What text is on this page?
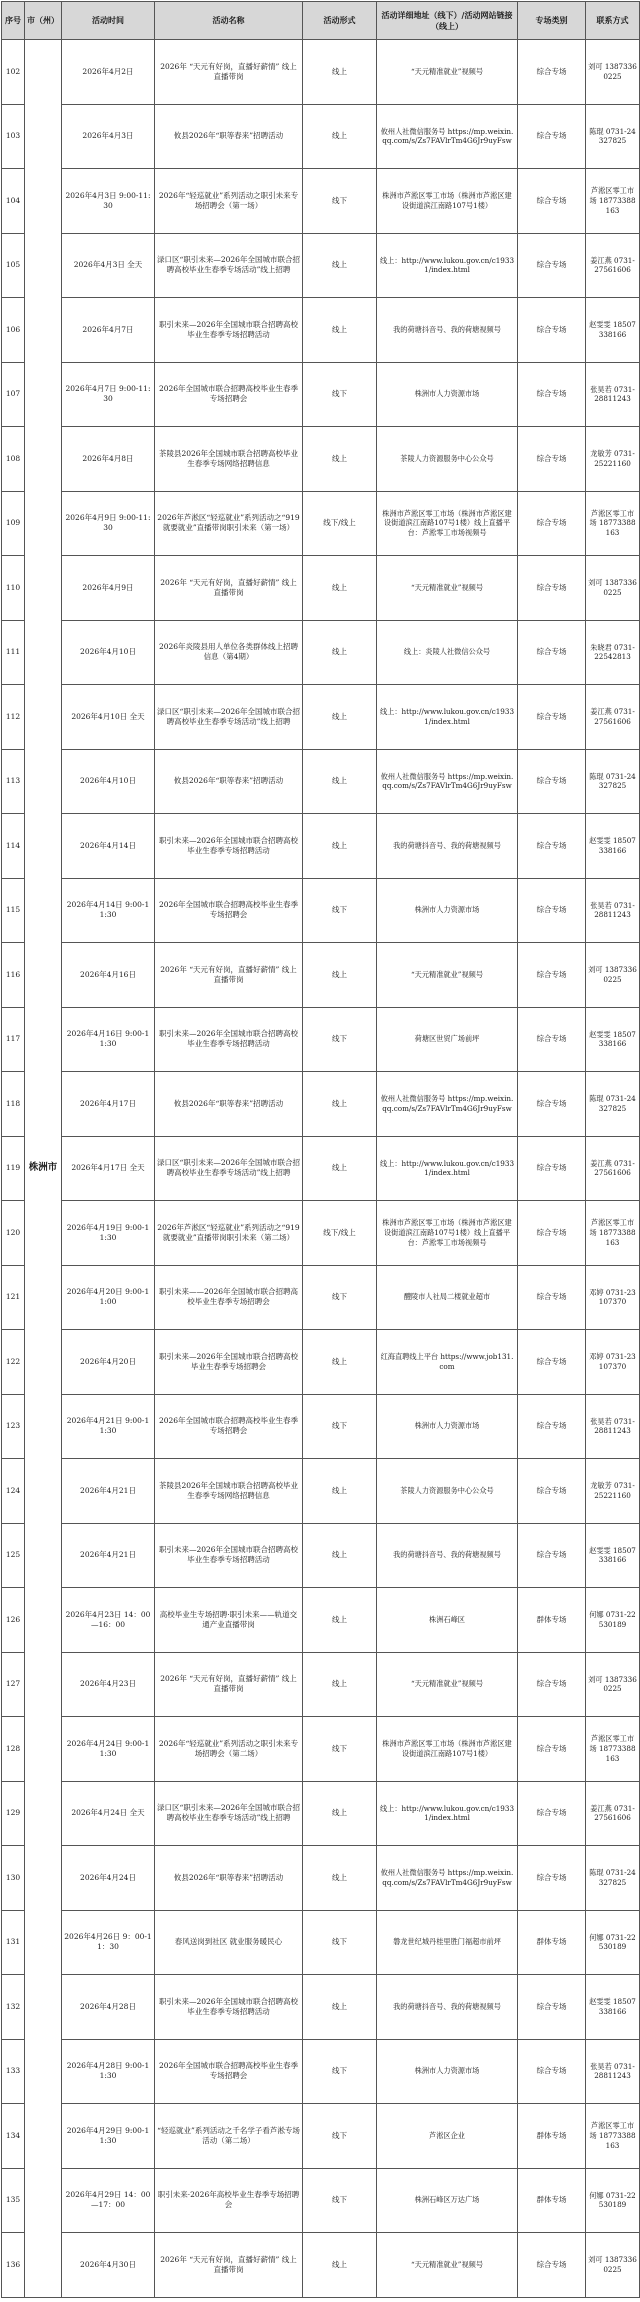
序号	市（州）	活动时间	活动名称	活动形式	活动详细地址（线下）/活动网站链接（线上）	专场类别	联系方式
102	株洲市	2026年4月2日	2026年 “天元有好岗，直播好薪情” 线上直播带岗	线上	“天元精准就业”视频号	综合专场	刘可 13873360225
103		2026年4月3日	攸县2026年“职等春来”招聘活动	线上	攸州人社微信服务号 https://mp.weixin.qq.com/s/Zs7FAVlrTm4G6Jr9uyFsw	综合专场	陈琨 0731-24327825
104		2026年4月3日 9:00-11:30	2026年“轻巡就业”系列活动之职引未来专场招聘会（第一场）	线下	株洲市芦淞区零工市场（株洲市芦淞区建设街道滨江南路107号1楼）	综合专场	芦淞区零工市场 18773388163
105		2026年4月3日 全天	渌口区“职引未来—2026年全国城市联合招聘高校毕业生春季专场活动”线上招聘	线上	线上：http://www.lukou.gov.cn/c19331/index.html	综合专场	姜江燕 0731-27561606
106		2026年4月7日	职引未来—2026年全国城市联合招聘高校毕业生春季专场招聘活动	线上	我的荷塘抖音号、我的荷塘视频号	综合专场	赵雯雯 18507338166
107		2026年4月7日 9:00-11:30	2026年全国城市联合招聘高校毕业生春季专场招聘会	线下	株洲市人力资源市场	综合专场	张昊若 0731-28811243
108		2026年4月8日	茶陵县2026年全国城市联合招聘高校毕业生春季专场网络招聘信息	线上	茶陵人力资源服务中心公众号	综合专场	龙敏芳 0731-25221160
109		2026年4月9日 9:00-11:30	2026年芦淞区“轻巡就业”系列活动之“919就要就业”直播带岗职引未来（第一场）	线下/线上	株洲市芦淞区零工市场（株洲市芦淞区建设街道滨江南路107号1楼）线上直播平台：芦淞零工市场视频号	综合专场	芦淞区零工市场 18773388163
110		2026年4月9日	2026年 “天元有好岗，直播好薪情” 线上直播带岗	线上	“天元精准就业”视频号	综合专场	刘可 13873360225
111		2026年4月10日	2026年炎陵县用人单位各类群体线上招聘信息（第4期）	线上	线上：炎陵人社微信公众号	综合专场	朱晓君 0731-22542813
112		2026年4月10日 全天	渌口区“职引未来—2026年全国城市联合招聘高校毕业生春季专场活动”线上招聘	线上	线上：http://www.lukou.gov.cn/c19331/index.html	综合专场	姜江燕 0731-27561606
113		2026年4月10日	攸县2026年“职等春来”招聘活动	线上	攸州人社微信服务号 https://mp.weixin.qq.com/s/Zs7FAVlrTm4G6Jr9uyFsw	综合专场	陈琨 0731-24327825
114		2026年4月14日	职引未来—2026年全国城市联合招聘高校毕业生春季专场招聘活动	线上	我的荷塘抖音号、我的荷塘视频号	综合专场	赵雯雯 18507338166
115		2026年4月14日 9:00-11:30	2026年全国城市联合招聘高校毕业生春季专场招聘会	线下	株洲市人力资源市场	综合专场	张昊若 0731-28811243
116		2026年4月16日	2026年 “天元有好岗，直播好薪情” 线上直播带岗	线上	“天元精准就业”视频号	综合专场	刘可 13873360225
117		2026年4月16日 9:00-11:30	职引未来—2026年全国城市联合招聘高校毕业生春季专场招聘活动	线下	荷塘区世贸广场前坪	综合专场	赵雯雯 18507338166
118		2026年4月17日	攸县2026年“职等春来”招聘活动	线上	攸州人社微信服务号 https://mp.weixin.qq.com/s/Zs7FAVlrTm4G6Jr9uyFsw	综合专场	陈琨 0731-24327825
119		2026年4月17日 全天	渌口区“职引未来—2026年全国城市联合招聘高校毕业生春季专场活动”线上招聘	线上	线上：http://www.lukou.gov.cn/c19331/index.html	综合专场	姜江燕 0731-27561606
120		2026年4月19日 9:00-11:30	2026年芦淞区“轻巡就业”系列活动之“919就要就业”直播带岗职引未来（第二场）	线下/线上	株洲市芦淞区零工市场（株洲市芦淞区建设街道滨江南路107号1楼）线上直播平台：芦淞零工市场视频号	综合专场	芦淞区零工市场 18773388163
121		2026年4月20日 9:00-11:00	职引未来——2026年全国城市联合招聘高校毕业生春季专场招聘会	线下	醴陵市人社局二楼就业超市	综合专场	邓婷 0731-23107370
122		2026年4月20日	职引未来—2026年全国城市联合招聘高校毕业生春季专场招聘会	线上	红海直聘线上平台 https://www.job131.com	综合专场	邓婷 0731-23107370
123		2026年4月21日 9:00-11:30	2026年全国城市联合招聘高校毕业生春季专场招聘会	线下	株洲市人力资源市场	综合专场	张昊若 0731-28811243
124		2026年4月21日	茶陵县2026年全国城市联合招聘高校毕业生春季专场网络招聘信息	线上	茶陵人力资源服务中心公众号	综合专场	龙敏芳 0731-25221160
125		2026年4月21日	职引未来—2026年全国城市联合招聘高校毕业生春季专场招聘活动	线上	我的荷塘抖音号、我的荷塘视频号	综合专场	赵雯雯 18507338166
126		2026年4月23日 14：00—16：00	高校毕业生专场招聘·职引未来——轨道交通产业直播带岗	线上	株洲石峰区	群体专场	何娜 0731-22530189
127		2026年4月23日	2026年 “天元有好岗，直播好薪情” 线上直播带岗	线上	“天元精准就业”视频号	综合专场	刘可 13873360225
128		2026年4月24日 9:00-11:30	2026年“轻巡就业”系列活动之职引未来专场招聘会（第二场）	线下	株洲市芦淞区零工市场（株洲市芦淞区建设街道滨江南路107号1楼）	综合专场	芦淞区零工市场 18773388163
129		2026年4月24日 全天	渌口区“职引未来—2026年全国城市联合招聘高校毕业生春季专场活动”线上招聘	线上	线上：http://www.lukou.gov.cn/c19331/index.html	综合专场	姜江燕 0731-27561606
130		2026年4月24日	攸县2026年“职等春来”招聘活动	线上	攸州人社微信服务号 https://mp.weixin.qq.com/s/Zs7FAVlrTm4G6Jr9uyFsw	综合专场	陈琨 0731-24327825
131		2026年4月26日 9：00-11：30	春风送岗到社区 就业服务暖民心	线下	磐龙世纪城丹桂里胜门福超市前坪	群体专场	何娜 0731-22530189
132		2026年4月28日	职引未来—2026年全国城市联合招聘高校毕业生春季专场招聘活动	线上	我的荷塘抖音号、我的荷塘视频号	综合专场	赵雯雯 18507338166
133		2026年4月28日 9:00-11:30	2026年全国城市联合招聘高校毕业生春季专场招聘会	线下	株洲市人力资源市场	综合专场	张昊若 0731-28811243
134		2026年4月29日 9:00-11:30	“轻巡就业”系列活动之千名学子看芦淞专场活动（第二场）	线下	芦淞区企业	群体专场	芦淞区零工市场 18773388163
135		2026年4月29日 14：00—17：00	职引未来·2026年高校毕业生春季专场招聘会	线下	株洲石峰区万达广场	群体专场	何娜 0731-22530189
136		2026年4月30日	2026年 “天元有好岗，直播好薪情” 线上直播带岗	线上	“天元精准就业”视频号	综合专场	刘可 13873360225
